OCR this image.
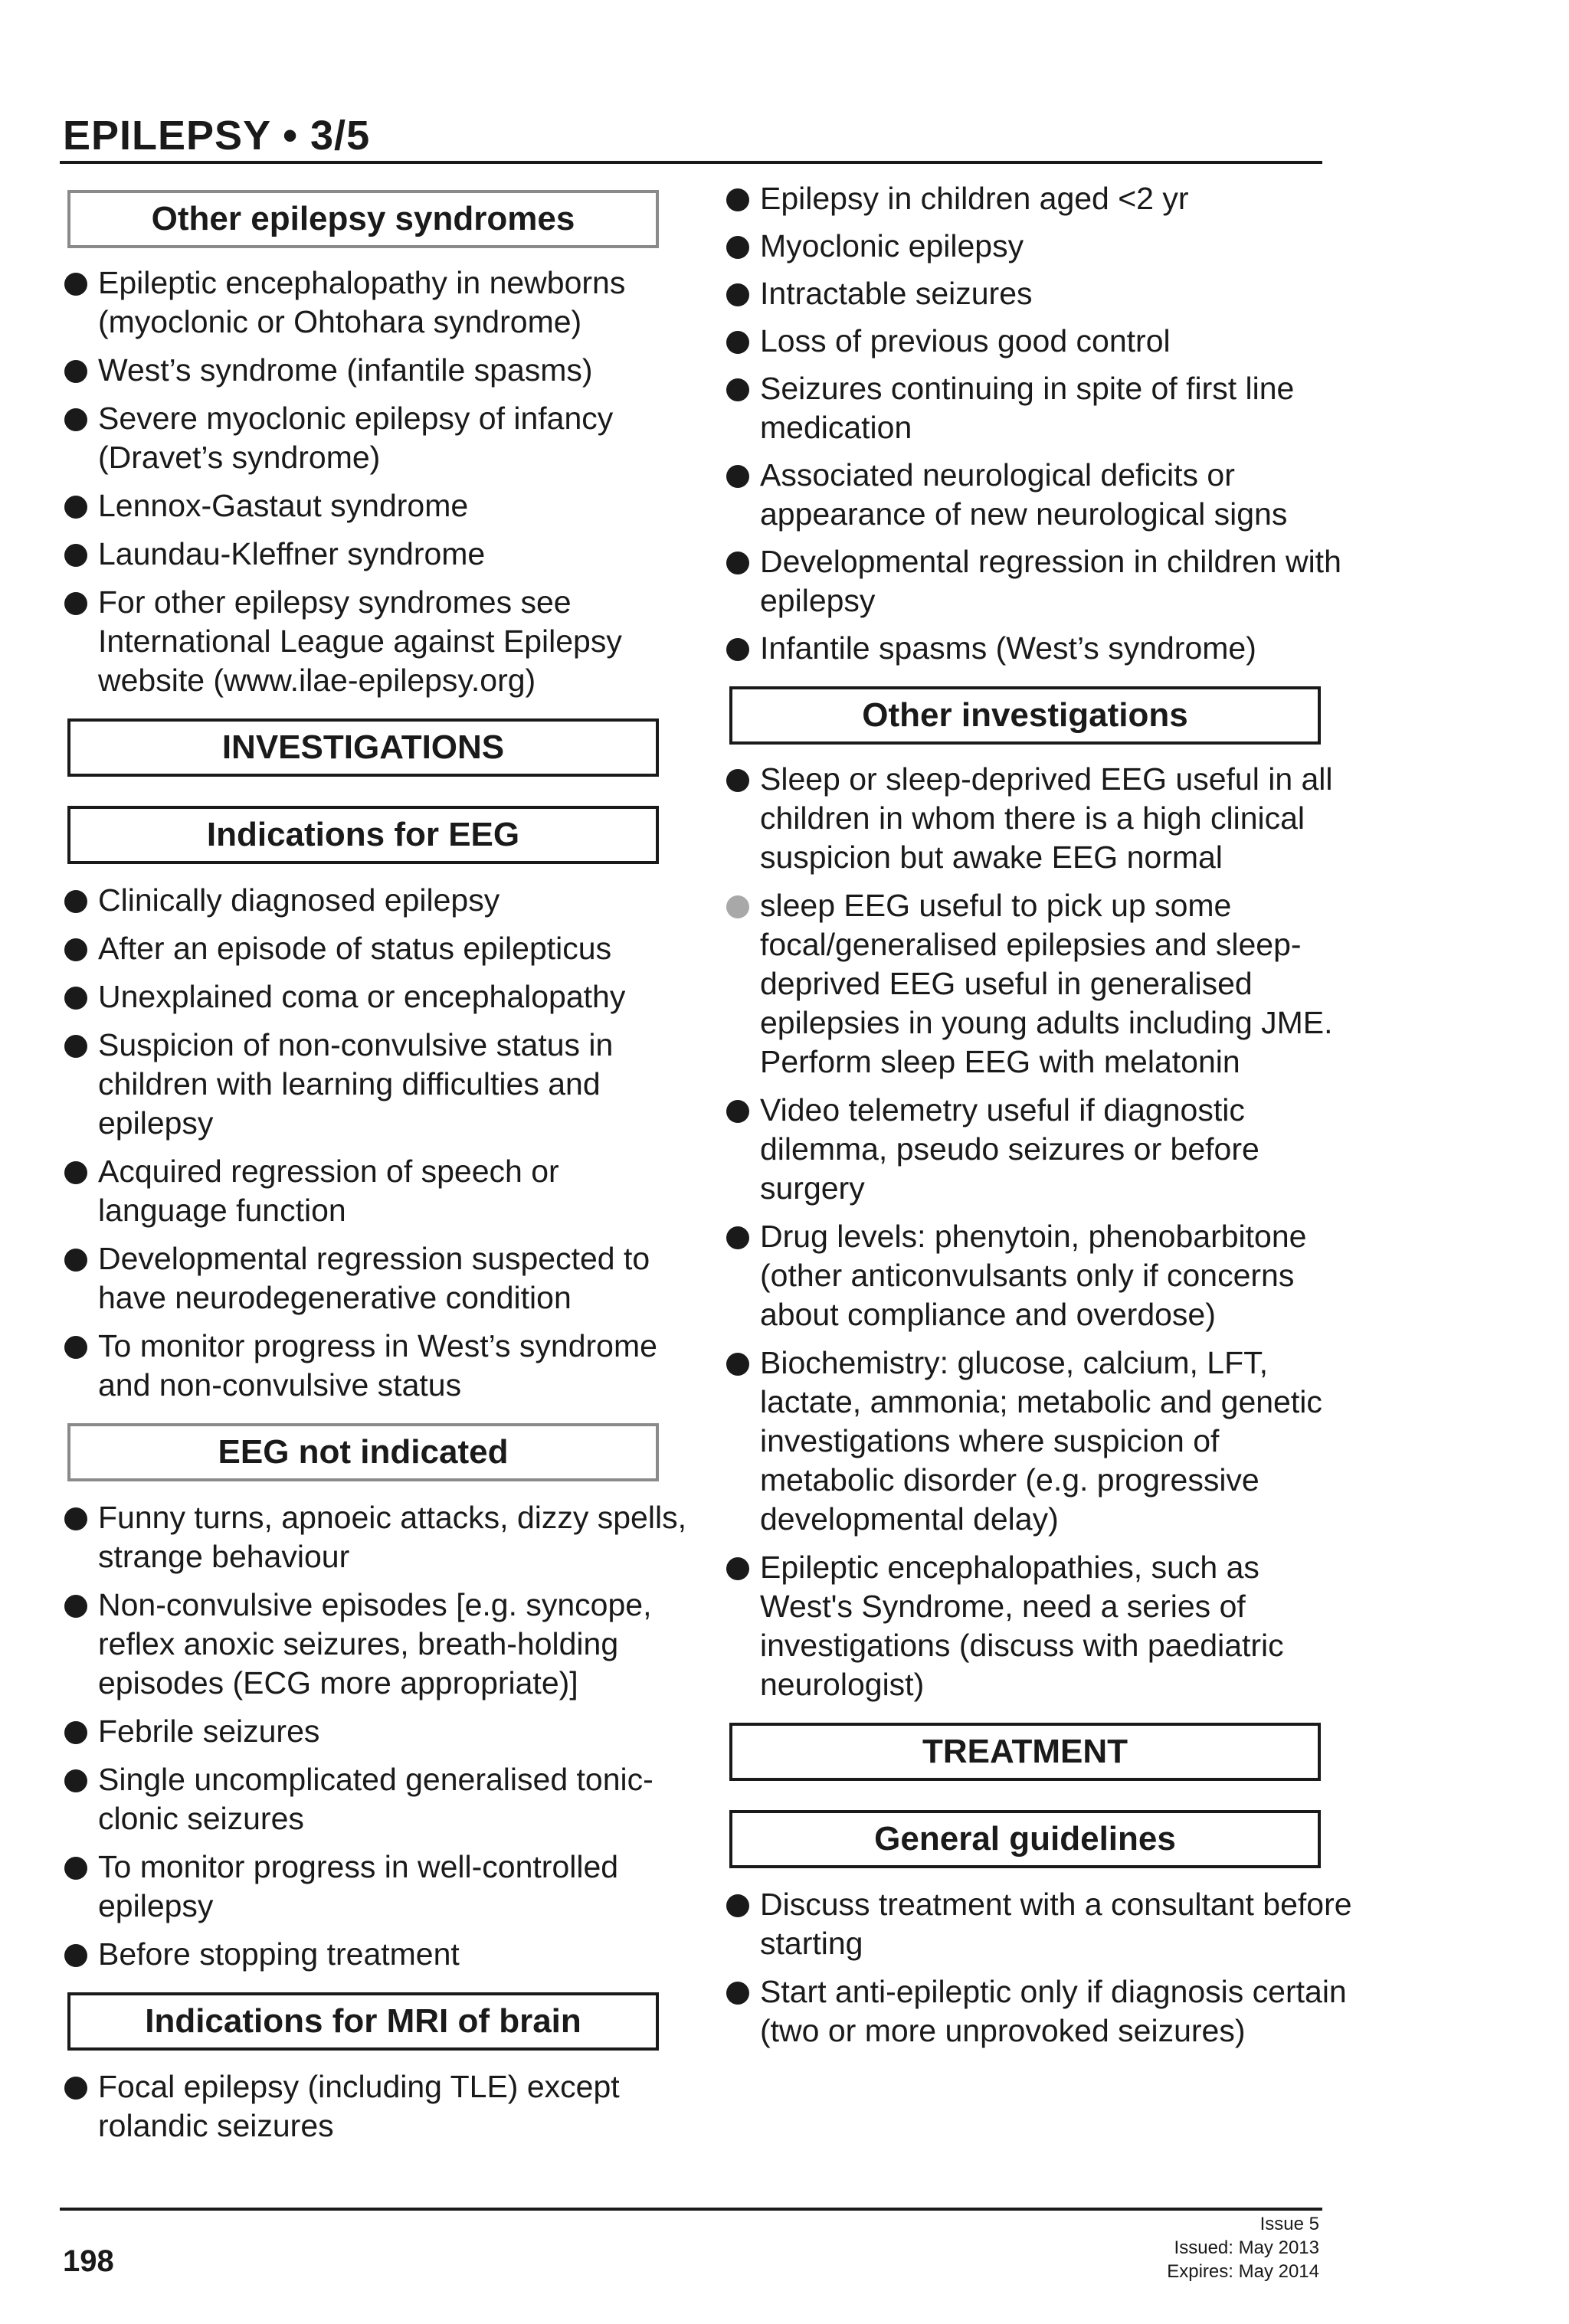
EPILEPSY • 3/5
Other epilepsy syndromes
Epileptic encephalopathy in newborns (myoclonic or Ohtohara syndrome)
West’s syndrome (infantile spasms)
Severe myoclonic epilepsy of infancy (Dravet’s syndrome)
Lennox-Gastaut syndrome
Laundau-Kleffner syndrome
For other epilepsy syndromes see International League against Epilepsy website (www.ilae-epilepsy.org)
INVESTIGATIONS
Indications for EEG
Clinically diagnosed epilepsy
After an episode of status epilepticus
Unexplained coma or encephalopathy
Suspicion of non-convulsive status in children with learning difficulties and epilepsy
Acquired regression of speech or language function
Developmental regression suspected to have neurodegenerative condition
To monitor progress in West’s syndrome and non-convulsive status
EEG not indicated
Funny turns, apnoeic attacks, dizzy spells, strange behaviour
Non-convulsive episodes [e.g. syncope, reflex anoxic seizures, breath-holding episodes (ECG more appropriate)]
Febrile seizures
Single uncomplicated generalised tonic-clonic seizures
To monitor progress in well-controlled epilepsy
Before stopping treatment
Indications for MRI of brain
Focal epilepsy (including TLE) except rolandic seizures
Epilepsy in children aged <2 yr
Myoclonic epilepsy
Intractable seizures
Loss of previous good control
Seizures continuing in spite of first line medication
Associated neurological deficits or appearance of new neurological signs
Developmental regression in children with epilepsy
Infantile spasms (West’s syndrome)
Other investigations
Sleep or sleep-deprived EEG useful in all children in whom there is a high clinical suspicion but awake EEG normal
sleep EEG useful to pick up some focal/generalised epilepsies and sleep-deprived EEG useful in generalised epilepsies in young adults including JME. Perform sleep EEG with melatonin
Video telemetry useful if diagnostic dilemma, pseudo seizures or before surgery
Drug levels: phenytoin, phenobarbitone (other anticonvulsants only if concerns about compliance and overdose)
Biochemistry: glucose, calcium, LFT, lactate, ammonia; metabolic and genetic investigations where suspicion of metabolic disorder (e.g. progressive developmental delay)
Epileptic encephalopathies, such as West's Syndrome, need a series of investigations (discuss with paediatric neurologist)
TREATMENT
General guidelines
Discuss treatment with a consultant before starting
Start anti-epileptic only if diagnosis certain (two or more unprovoked seizures)
198
Issue 5
Issued: May 2013
Expires: May 2014
